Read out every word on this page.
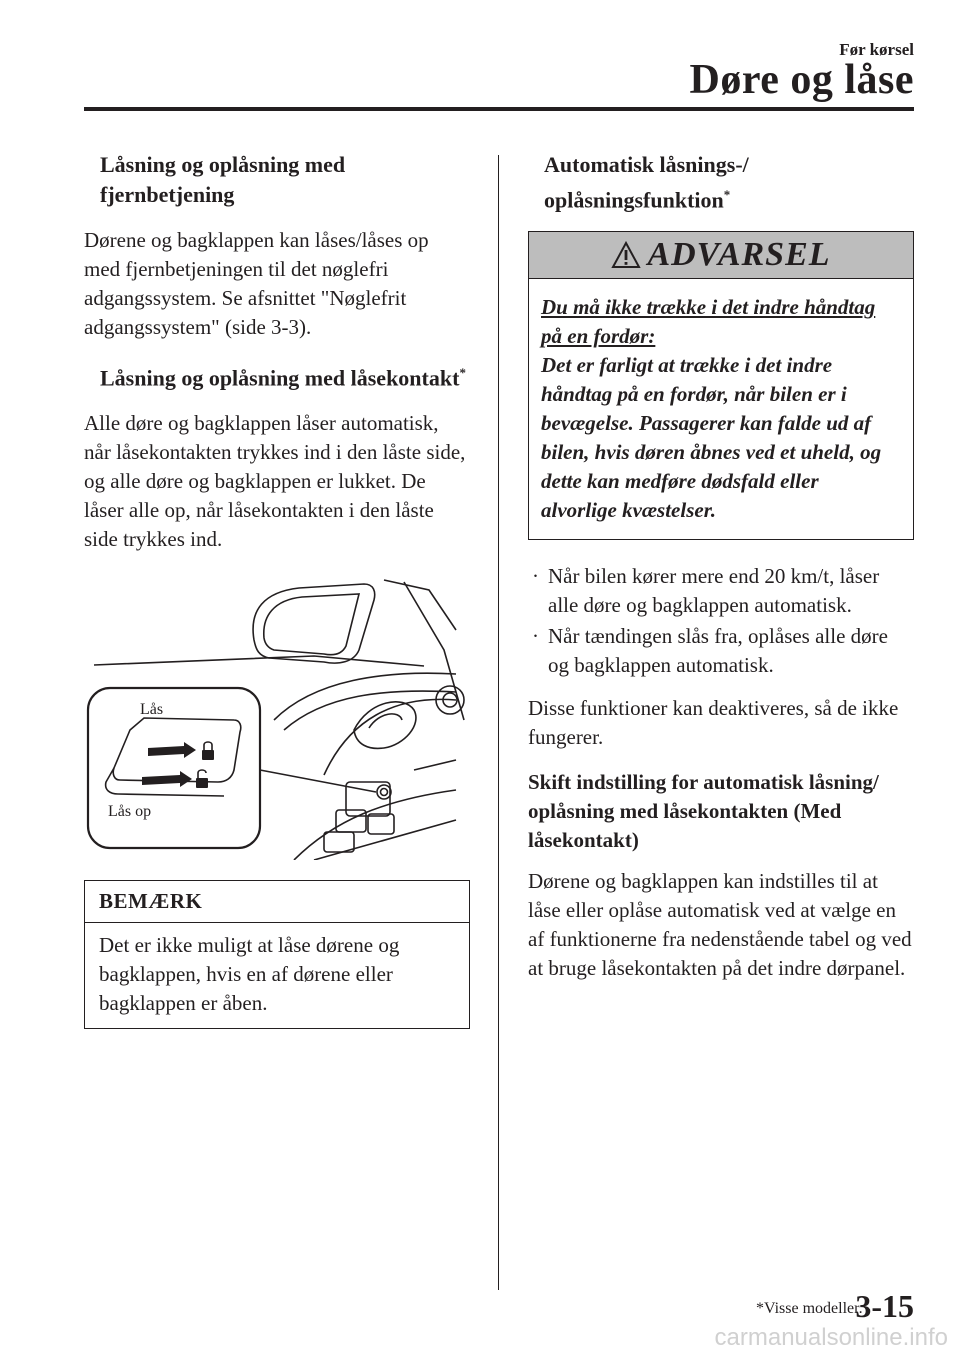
Før kørsel
Døre og låse
Låsning og oplåsning med fjernbetjening

Dørene og bagklappen kan låses/låses op med fjernbetjeningen til det nøglefri adgangssystem. Se afsnittet "Nøglefrit adgangssystem" (side 3-3).

Låsning og oplåsning med låsekontakt*

Alle døre og bagklappen låser automatisk, når låsekontakten trykkes ind i den låste side, og alle døre og bagklappen er lukket. De låser alle op, når låsekontakten i den låste side trykkes ind.

Lås
Lås op
BEMÆRK
Det er ikke muligt at låse dørene og bagklappen, hvis en af dørene eller bagklappen er åben.
Automatisk låsnings-/ oplåsningsfunktion*
ADVARSEL
Du må ikke trække i det indre håndtag på en fordør:
Det er farligt at trække i det indre håndtag på en fordør, når bilen er i bevægelse. Passagerer kan falde ud af bilen, hvis døren åbnes ved et uheld, og dette kan medføre dødsfald eller alvorlige kvæstelser.
· Når bilen kører mere end 20 km/t, låser alle døre og bagklappen automatisk.
· Når tændingen slås fra, oplåses alle døre og bagklappen automatisk.

Disse funktioner kan deaktiveres, så de ikke fungerer.

Skift indstilling for automatisk låsning/ oplåsning med låsekontakten (Med låsekontakt)

Dørene og bagklappen kan indstilles til at låse eller oplåse automatisk ved at vælge en af funktionerne fra nedenstående tabel og ved at bruge låsekontakten på det indre dørpanel.

*Visse modeller.
3-15
carmanualsonline.info
